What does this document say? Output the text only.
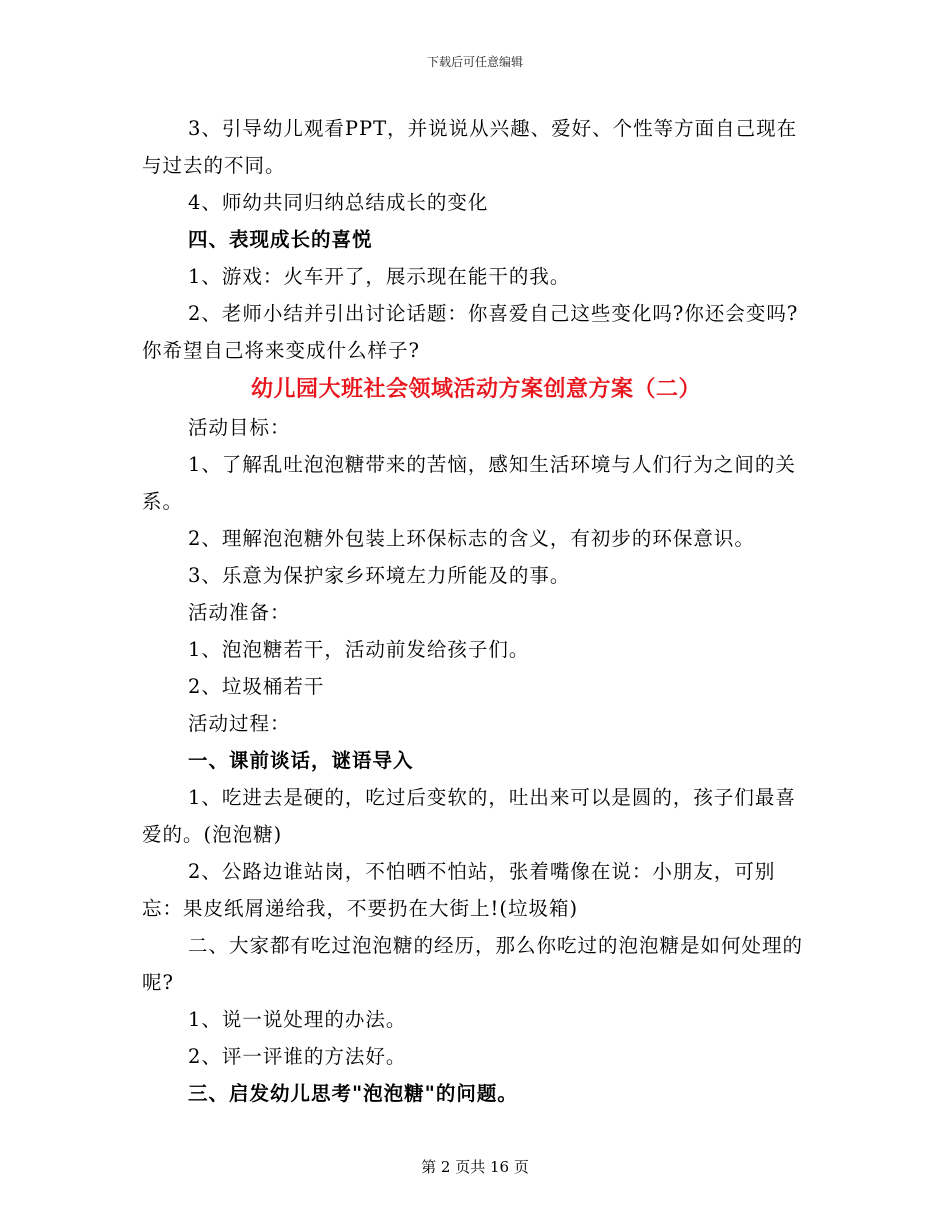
下载后可任意编辑

3、引导幼儿观看PPT，并说说从兴趣、爱好、个性等方面自己现在与过去的不同。

4、师幼共同归纳总结成长的变化

四、表现成长的喜悦

1、游戏：火车开了，展示现在能干的我。

2、老师小结并引出讨论话题：你喜爱自己这些变化吗?你还会变吗?你希望自己将来变成什么样子?

幼儿园大班社会领域活动方案创意方案（二）

活动目标：

1、了解乱吐泡泡糖带来的苦恼，感知生活环境与人们行为之间的关系。

2、理解泡泡糖外包装上环保标志的含义，有初步的环保意识。

3、乐意为保护家乡环境左力所能及的事。

活动准备：

1、泡泡糖若干，活动前发给孩子们。

2、垃圾桶若干

活动过程：

一、课前谈话，谜语导入

1、吃进去是硬的，吃过后变软的，吐出来可以是圆的，孩子们最喜爱的。(泡泡糖)

2、公路边谁站岗，不怕晒不怕站，张着嘴像在说：小朋友，可别忘：果皮纸屑递给我，不要扔在大街上!(垃圾箱)

二、大家都有吃过泡泡糖的经历，那么你吃过的泡泡糖是如何处理的呢?

1、说一说处理的办法。

2、评一评谁的方法好。

三、启发幼儿思考"泡泡糖"的问题。

第 2 页共 16 页
